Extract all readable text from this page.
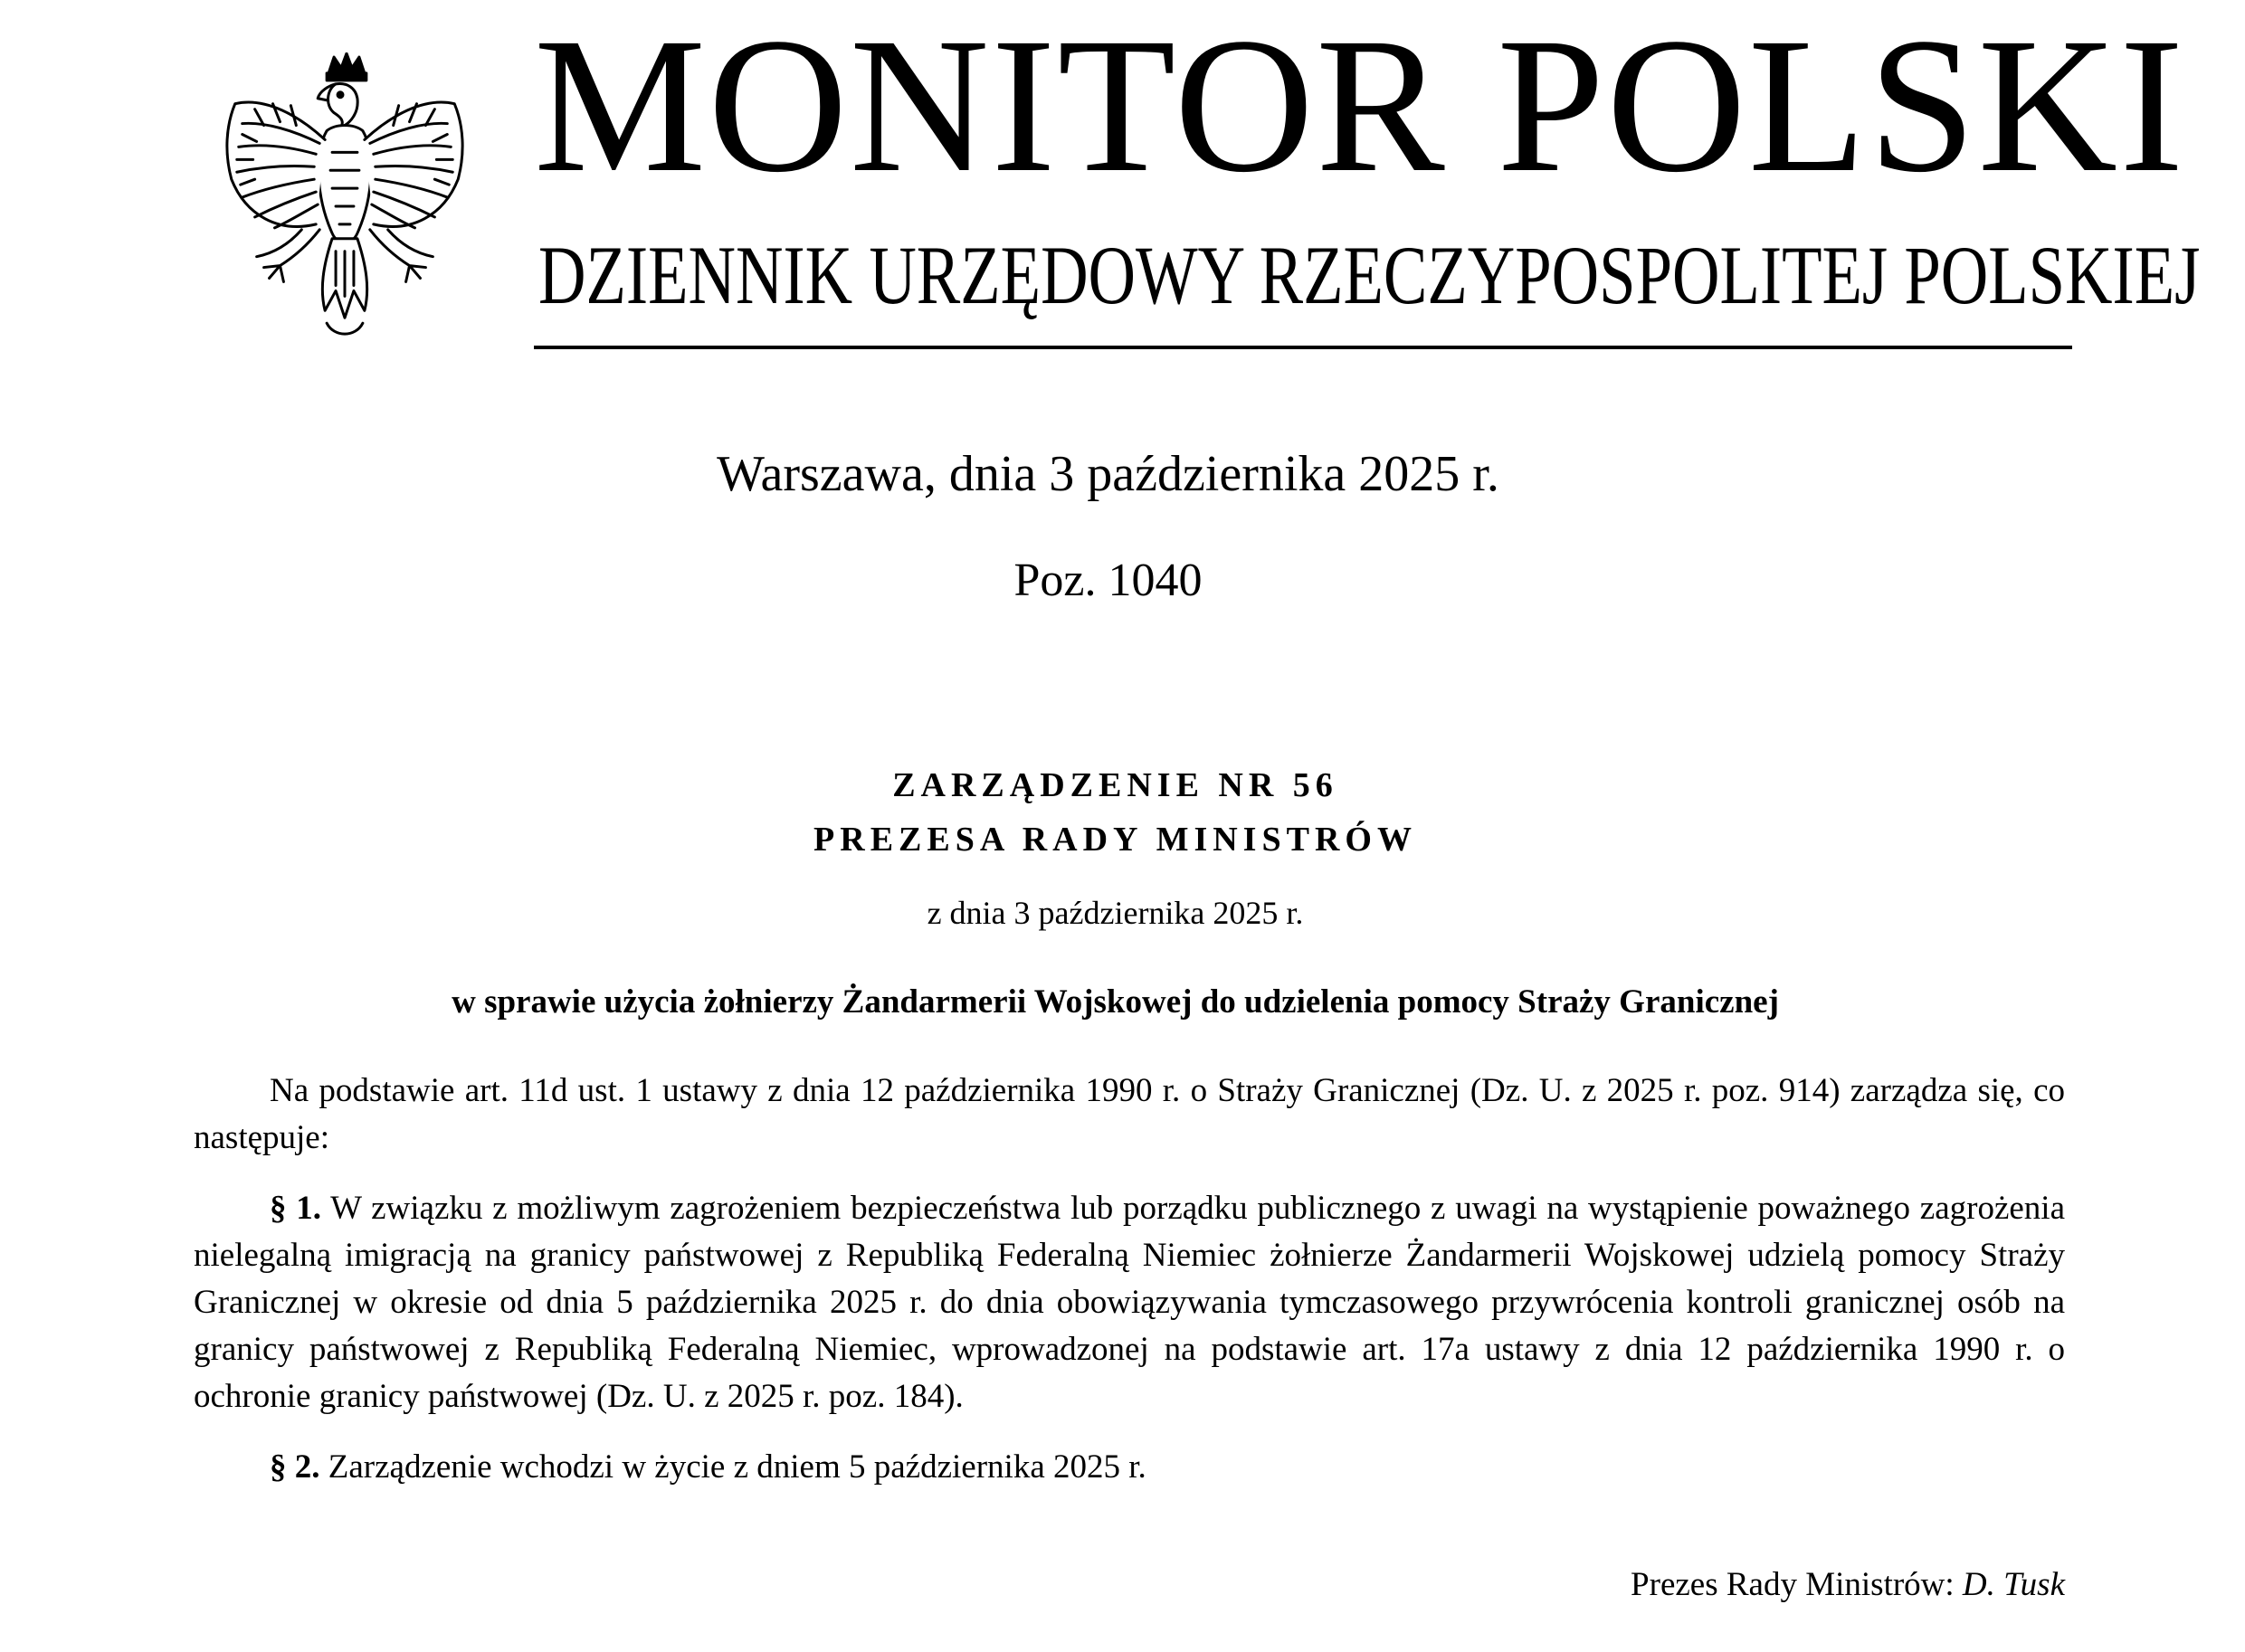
MONITOR POLSKI
DZIENNIK URZĘDOWY RZECZYPOSPOLITEJ POLSKIEJ
Warszawa, dnia 3 października 2025 r.
Poz. 1040
ZARZĄDZENIE NR 56
PREZESA RADY MINISTRÓW
z dnia 3 października 2025 r.
w sprawie użycia żołnierzy Żandarmerii Wojskowej do udzielenia pomocy Straży Granicznej
Na podstawie art. 11d ust. 1 ustawy z dnia 12 października 1990 r. o Straży Granicznej (Dz. U. z 2025 r. poz. 914) zarządza się, co następuje:
§ 1. W związku z możliwym zagrożeniem bezpieczeństwa lub porządku publicznego z uwagi na wystąpienie poważnego zagrożenia nielegalną imigracją na granicy państwowej z Republiką Federalną Niemiec żołnierze Żandarmerii Wojskowej udzielą pomocy Straży Granicznej w okresie od dnia 5 października 2025 r. do dnia obowiązywania tymczasowego przywrócenia kontroli granicznej osób na granicy państwowej z Republiką Federalną Niemiec, wprowadzonej na podstawie art. 17a ustawy z dnia 12 października 1990 r. o ochronie granicy państwowej (Dz. U. z 2025 r. poz. 184).
§ 2. Zarządzenie wchodzi w życie z dniem 5 października 2025 r.
Prezes Rady Ministrów: D. Tusk
